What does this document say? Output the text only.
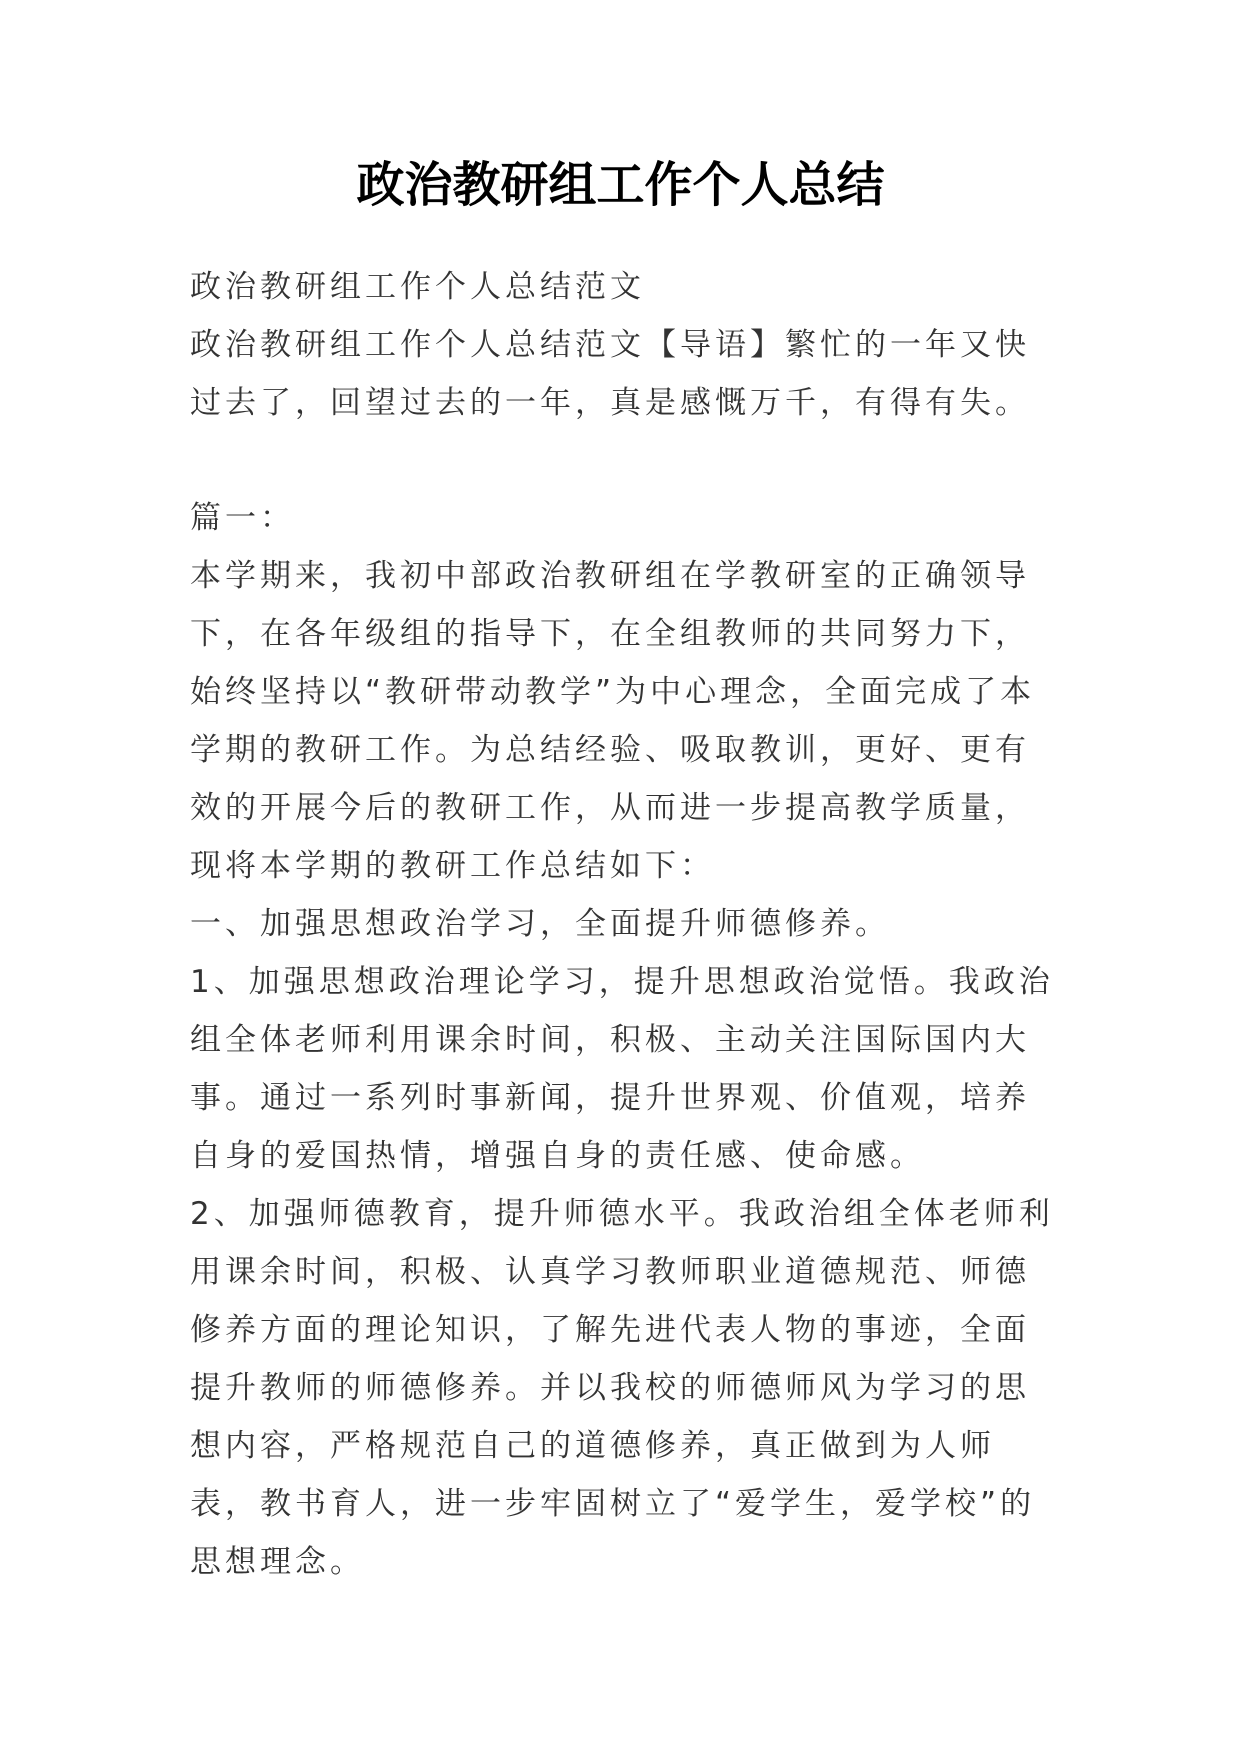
政治教研组工作个人总结

政治教研组工作个人总结范文

政治教研组工作个人总结范文【导语】繁忙的一年又快过去了，回望过去的一年，真是感慨万千，有得有失。

篇一：

本学期来，我初中部政治教研组在学教研室的正确领导下，在各年级组的指导下，在全组教师的共同努力下，始终坚持以“教研带动教学”为中心理念，全面完成了本学期的教研工作。为总结经验、吸取教训，更好、更有效的开展今后的教研工作，从而进一步提高教学质量，现将本学期的教研工作总结如下：

一、加强思想政治学习，全面提升师德修养。

1、加强思想政治理论学习，提升思想政治觉悟。我政治组全体老师利用课余时间，积极、主动关注国际国内大事。通过一系列时事新闻，提升世界观、价值观，培养自身的爱国热情，增强自身的责任感、使命感。

2、加强师德教育，提升师德水平。我政治组全体老师利用课余时间，积极、认真学习教师职业道德规范、师德修养方面的理论知识，了解先进代表人物的事迹，全面提升教师的师德修养。并以我校的师德师风为学习的思想内容，严格规范自己的道德修养，真正做到为人师表，教书育人，进一步牢固树立了“爱学生，爱学校”的思想理念。
